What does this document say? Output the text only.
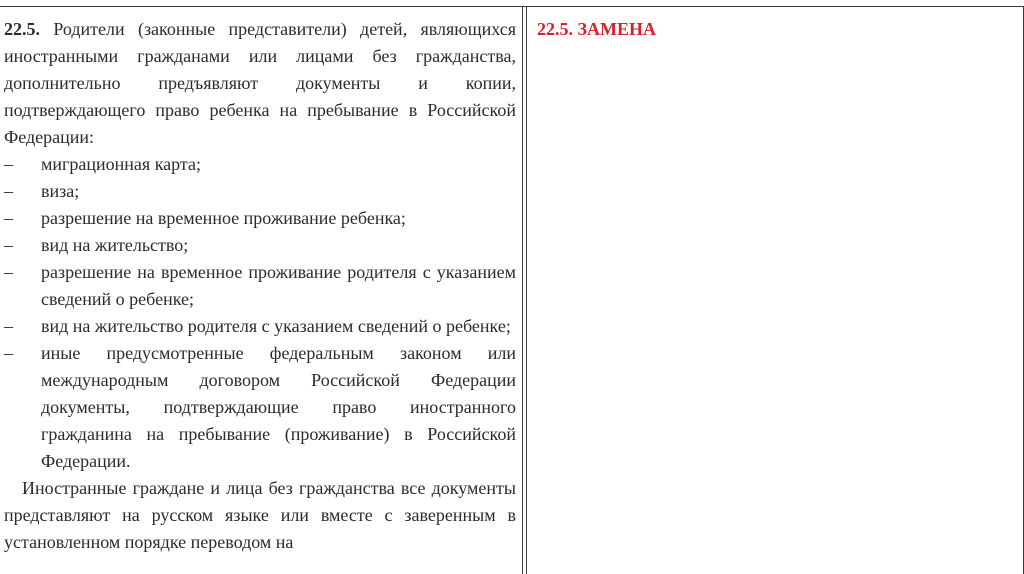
22.5. Родители (законные представители) детей, являющихся иностранными гражданами или лицами без гражданства, дополнительно предъявляют документы и копии, подтверждающего право ребенка на пребывание в Российской Федерации:

– миграционная карта;
– виза;
– разрешение на временное проживание ребенка;
– вид на жительство;
– разрешение на временное проживание родителя с указанием сведений о ребенке;
– вид на жительство родителя с указанием сведений о ребенке;
– иные предусмотренные федеральным законом или международным договором Российской Федерации документы, подтверждающие право иностранного гражданина на пребывание (проживание) в Российской Федерации.

Иностранные граждане и лица без гражданства все документы представляют на русском языке или вместе с заверенным в установленном порядке переводом на

22.5. ЗАМЕНА
